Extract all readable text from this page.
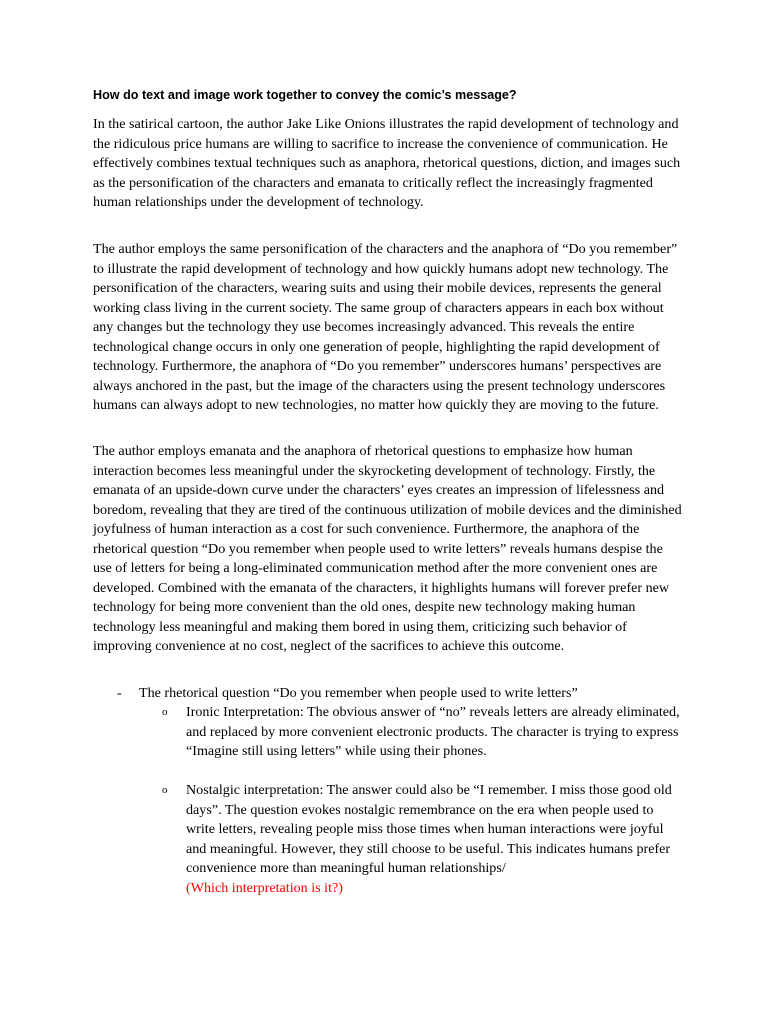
How do text and image work together to convey the comic’s message?

In the satirical cartoon, the author Jake Like Onions illustrates the rapid development of technology and the ridiculous price humans are willing to sacrifice to increase the convenience of communication. He effectively combines textual techniques such as anaphora, rhetorical questions, diction, and images such as the personification of the characters and emanata to critically reflect the increasingly fragmented human relationships under the development of technology.

The author employs the same personification of the characters and the anaphora of “Do you remember” to illustrate the rapid development of technology and how quickly humans adopt new technology. The personification of the characters, wearing suits and using their mobile devices, represents the general working class living in the current society. The same group of characters appears in each box without any changes but the technology they use becomes increasingly advanced. This reveals the entire technological change occurs in only one generation of people, highlighting the rapid development of technology. Furthermore, the anaphora of “Do you remember” underscores humans’ perspectives are always anchored in the past, but the image of the characters using the present technology underscores humans can always adopt to new technologies, no matter how quickly they are moving to the future.

The author employs emanata and the anaphora of rhetorical questions to emphasize how human interaction becomes less meaningful under the skyrocketing development of technology. Firstly, the emanata of an upside-down curve under the characters’ eyes creates an impression of lifelessness and boredom, revealing that they are tired of the continuous utilization of mobile devices and the diminished joyfulness of human interaction as a cost for such convenience. Furthermore, the anaphora of the rhetorical question “Do you remember when people used to write letters” reveals humans despise the use of letters for being a long-eliminated communication method after the more convenient ones are developed. Combined with the emanata of the characters, it highlights humans will forever prefer new technology for being more convenient than the old ones, despite new technology making human technology less meaningful and making them bored in using them, criticizing such behavior of improving convenience at no cost, neglect of the sacrifices to achieve this outcome.

- The rhetorical question “Do you remember when people used to write letters”
o Ironic Interpretation: The obvious answer of “no” reveals letters are already eliminated, and replaced by more convenient electronic products. The character is trying to express “Imagine still using letters” while using their phones.
o Nostalgic interpretation: The answer could also be “I remember. I miss those good old days”. The question evokes nostalgic remembrance on the era when people used to write letters, revealing people miss those times when human interactions were joyful and meaningful. However, they still choose to be useful. This indicates humans prefer convenience more than meaningful human relationships/
(Which interpretation is it?)
